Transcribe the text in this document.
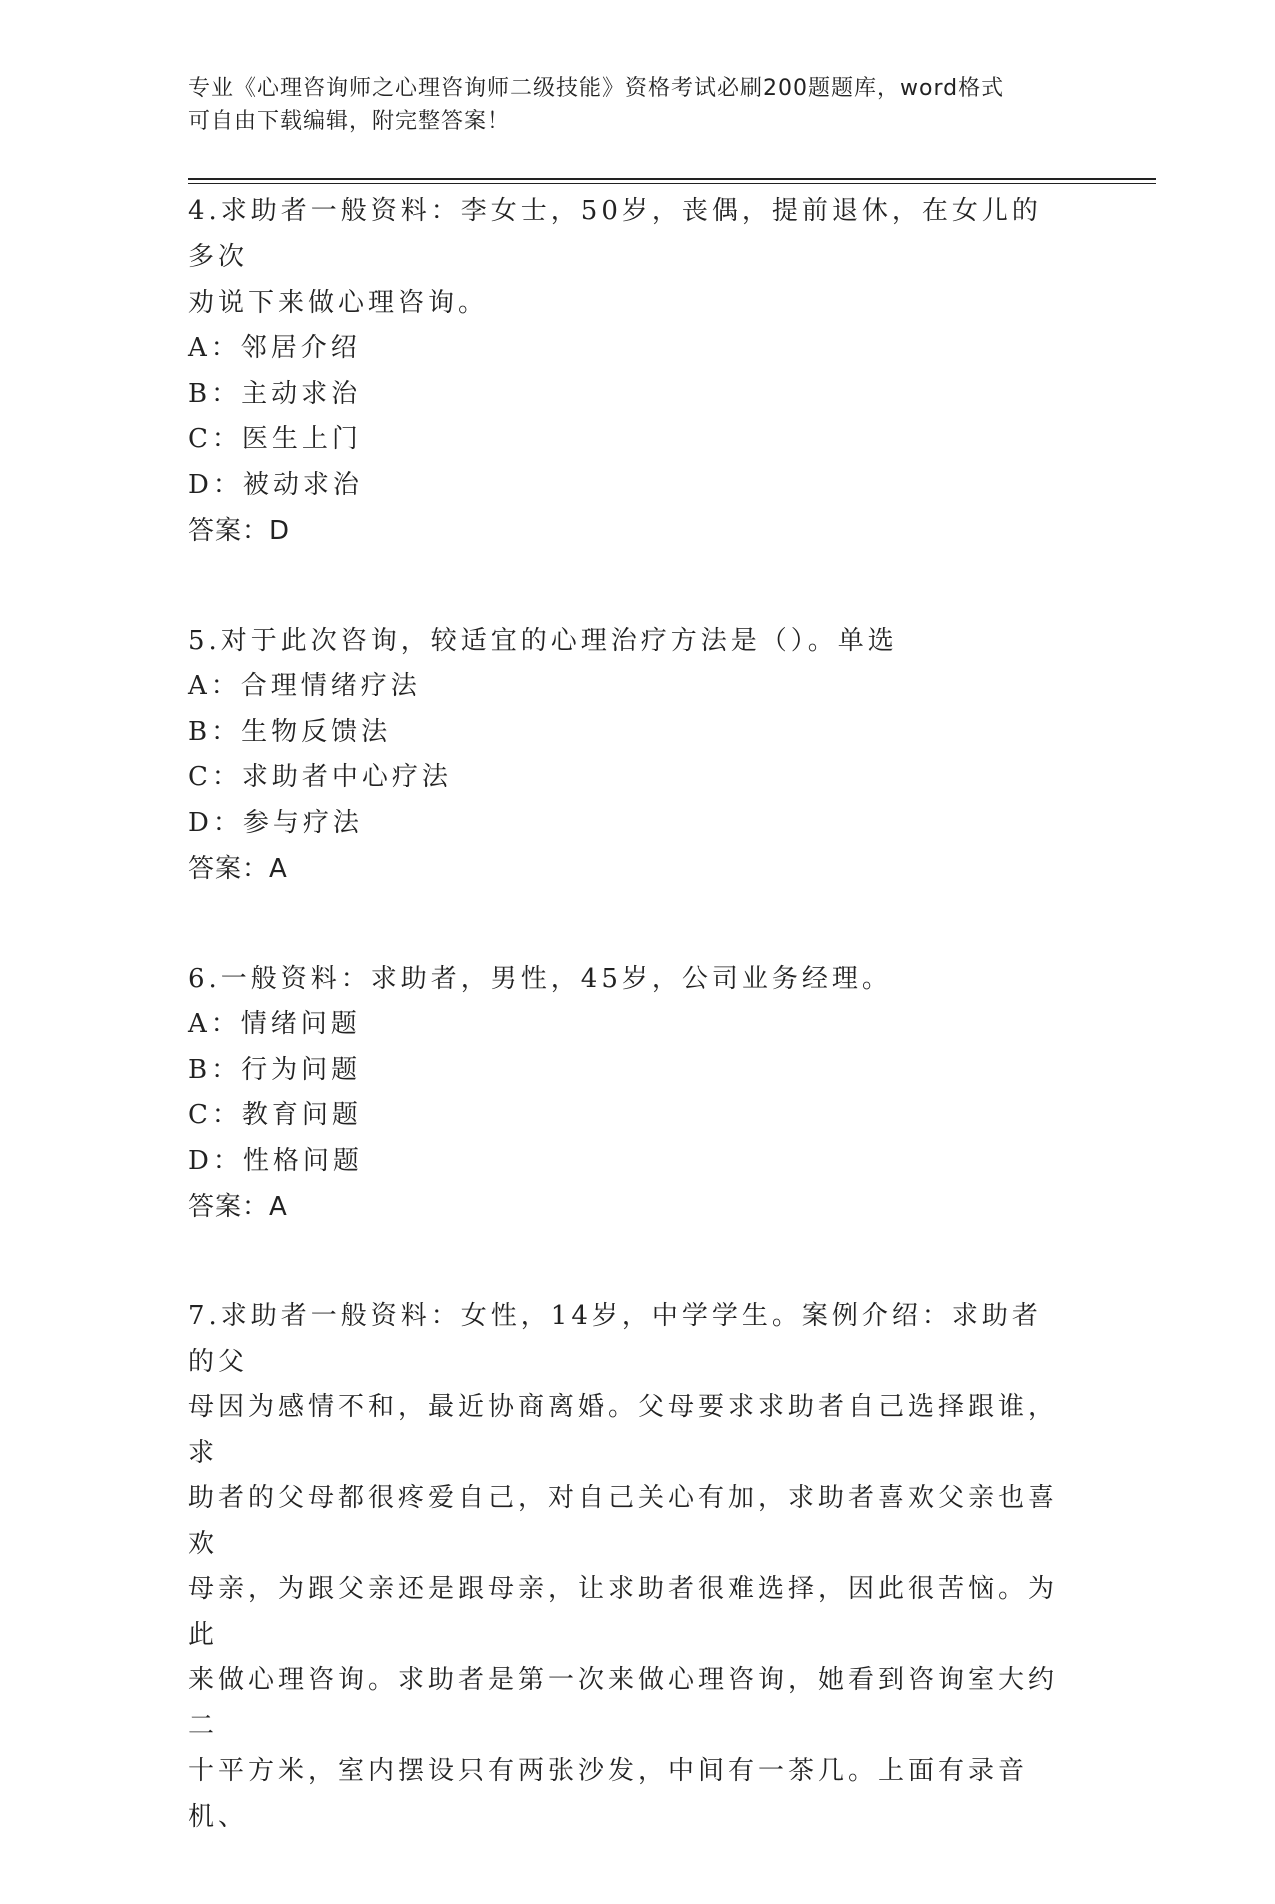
专业《心理咨询师之心理咨询师二级技能》资格考试必刷200题题库，word格式
可自由下载编辑，附完整答案！
4.求助者一般资料：李女士，50岁，丧偶，提前退休，在女儿的多次
劝说下来做心理咨询。
A：邻居介绍
B：主动求治
C：医生上门
D：被动求治
答案：D
5.对于此次咨询，较适宜的心理治疗方法是（）。单选
A：合理情绪疗法
B：生物反馈法
C：求助者中心疗法
D：参与疗法
答案：A
6.一般资料：求助者，男性，45岁，公司业务经理。
A：情绪问题
B：行为问题
C：教育问题
D：性格问题
答案：A
7.求助者一般资料：女性，14岁，中学学生。案例介绍：求助者的父
母因为感情不和，最近协商离婚。父母要求求助者自己选择跟谁，求
助者的父母都很疼爱自己，对自己关心有加，求助者喜欢父亲也喜欢
母亲，为跟父亲还是跟母亲，让求助者很难选择，因此很苦恼。为此
来做心理咨询。求助者是第一次来做心理咨询，她看到咨询室大约二
十平方米，室内摆设只有两张沙发，中间有一茶几。上面有录音机、
